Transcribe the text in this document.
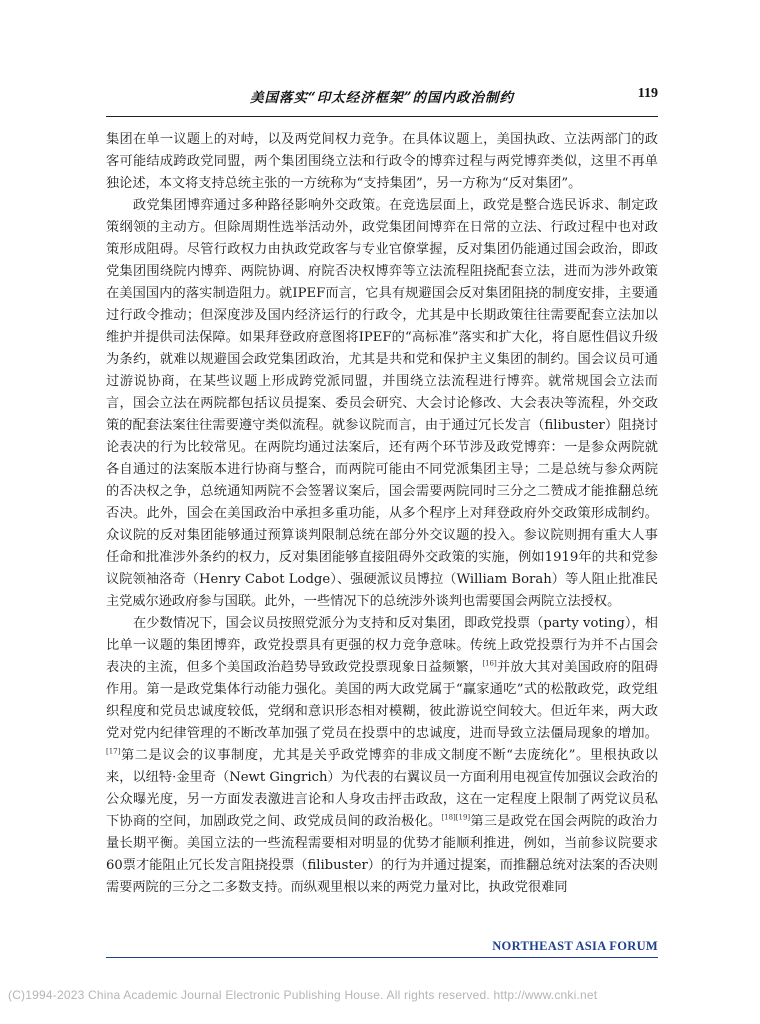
美国落实“印太经济框架”的国内政治制约	119

集团在单一议题上的对峙，以及两党间权力竞争。在具体议题上，美国执政、立法两部门的政客可能结成跨政党同盟，两个集团围绕立法和行政令的博弈过程与两党博弈类似，这里不再单独论述，本文将支持总统主张的一方统称为“支持集团”，另一方称为“反对集团”。

政党集团博弈通过多种路径影响外交政策。在竞选层面上，政党是整合选民诉求、制定政策纲领的主动方。但除周期性选举活动外，政党集团间博弈在日常的立法、行政过程中也对政策形成阻碍。尽管行政权力由执政党政客与专业官僚掌握，反对集团仍能通过国会政治，即政党集团围绕院内博弈、两院协调、府院否决权博弈等立法流程阻挠配套立法，进而为涉外政策在美国国内的落实制造阻力。就IPEF而言，它具有规避国会反对集团阻挠的制度安排，主要通过行政令推动；但深度涉及国内经济运行的行政令，尤其是中长期政策往往需要配套立法加以维护并提供司法保障。如果拜登政府意图将IPEF的“高标准”落实和扩大化，将自愿性倡议升级为条约，就难以规避国会政党集团政治，尤其是共和党和保护主义集团的制约。国会议员可通过游说协商，在某些议题上形成跨党派同盟，并围绕立法流程进行博弈。就常规国会立法而言，国会立法在两院都包括议员提案、委员会研究、大会讨论修改、大会表决等流程，外交政策的配套法案往往需要遵守类似流程。就参议院而言，由于通过冗长发言（filibuster）阻挠讨论表决的行为比较常见。在两院均通过法案后，还有两个环节涉及政党博弈：一是参众两院就各自通过的法案版本进行协商与整合，而两院可能由不同党派集团主导；二是总统与参众两院的否决权之争，总统通知两院不会签署议案后，国会需要两院同时三分之二赞成才能推翻总统否决。此外，国会在美国政治中承担多重功能，从多个程序上对拜登政府外交政策形成制约。众议院的反对集团能够通过预算谈判限制总统在部分外交议题的投入。参议院则拥有重大人事任命和批准涉外条约的权力，反对集团能够直接阻碍外交政策的实施，例如1919年的共和党参议院领袖洛奇（Henry Cabot Lodge）、强硬派议员博拉（William Borah）等人阻止批准民主党威尔逊政府参与国联。此外，一些情况下的总统涉外谈判也需要国会两院立法授权。

在少数情况下，国会议员按照党派分为支持和反对集团，即政党投票（party voting），相比单一议题的集团博弈，政党投票具有更强的权力竞争意味。传统上政党投票行为并不占国会表决的主流，但多个美国政治趋势导致政党投票现象日益频繁，[16]并放大其对美国政府的阻碍作用。第一是政党集体行动能力强化。美国的两大政党属于“赢家通吃”式的松散政党，政党组织程度和党员忠诚度较低，党纲和意识形态相对模糊，彼此游说空间较大。但近年来，两大政党对党内纪律管理的不断改革加强了党员在投票中的忠诚度，进而导致立法僵局现象的增加。[17]第二是议会的议事制度，尤其是关乎政党博弈的非成文制度不断“去庞统化”。里根执政以来，以纽特·金里奇（Newt Gingrich）为代表的右翼议员一方面利用电视宣传加强议会政治的公众曝光度，另一方面发表激进言论和人身攻击抨击政敌，这在一定程度上限制了两党议员私下协商的空间，加剧政党之间、政党成员间的政治极化。[18][19]第三是政党在国会两院的政治力量长期平衡。美国立法的一些流程需要相对明显的优势才能顺利推进，例如，当前参议院要求60票才能阻止冗长发言阻挠投票（filibuster）的行为并通过提案，而推翻总统对法案的否决则需要两院的三分之二多数支持。而纵观里根以来的两党力量对比，执政党很难同

NORTHEAST ASIA FORUM
(C)1994-2023 China Academic Journal Electronic Publishing House. All rights reserved. http://www.cnki.net
